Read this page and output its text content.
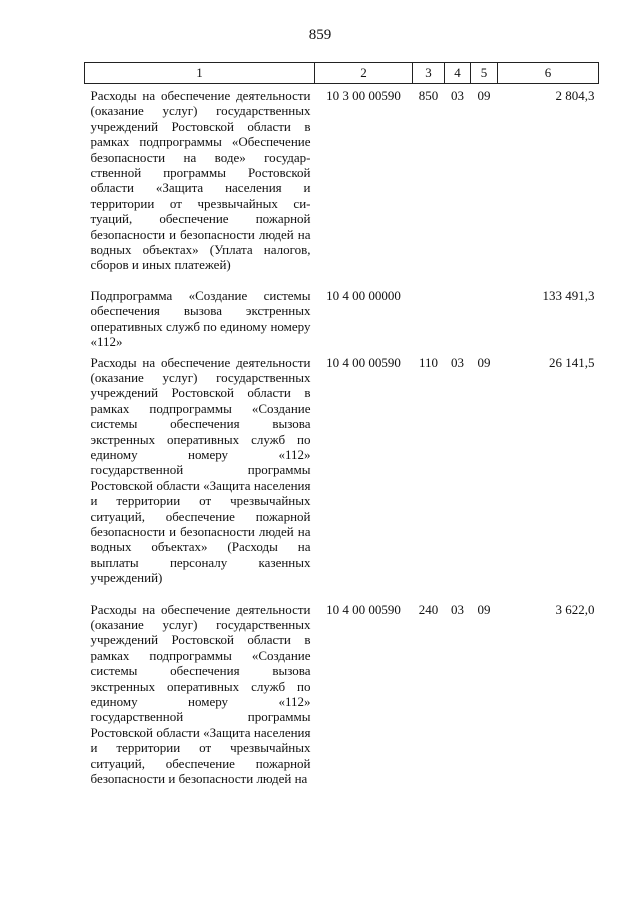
859
1	2	3	4	5	6
Расходы на обеспечение деятельности (оказание услуг) государственных учреждений Ростовской области в рамках подпрограммы «Обеспечение безопасности на воде» государственной программы Ростовской области «Защита населения и территории от чрезвычайных ситуаций, обеспечение пожарной безопасности и безопасности людей на водных объектах» (Уплата налогов, сборов и иных платежей)	10 3 00 00590	850	03	09	2 804,3
Подпрограмма «Создание системы обеспечения вызова экстренных оперативных служб по единому номеру «112»	10 4 00 00000				133 491,3
Расходы на обеспечение деятельности (оказание услуг) государственных учреждений Ростовской области в рамках подпрограммы «Создание системы обеспечения вызова экстренных оперативных служб по единому номеру «112» государственной программы Ростовской области «Защита населения и территории от чрезвычайных ситуаций, обеспечение пожарной безопасности и безопасности людей на водных объектах» (Расходы на выплаты персоналу казенных учреждений)	10 4 00 00590	110	03	09	26 141,5
Расходы на обеспечение деятельности (оказание услуг) государственных учреждений Ростовской области в рамках подпрограммы «Создание системы обеспечения вызова экстренных оперативных служб по единому номеру «112» государственной программы Ростовской области «Защита населения и территории от чрезвычайных ситуаций, обеспечение пожарной безопасности и безопасности людей на	10 4 00 00590	240	03	09	3 622,0
